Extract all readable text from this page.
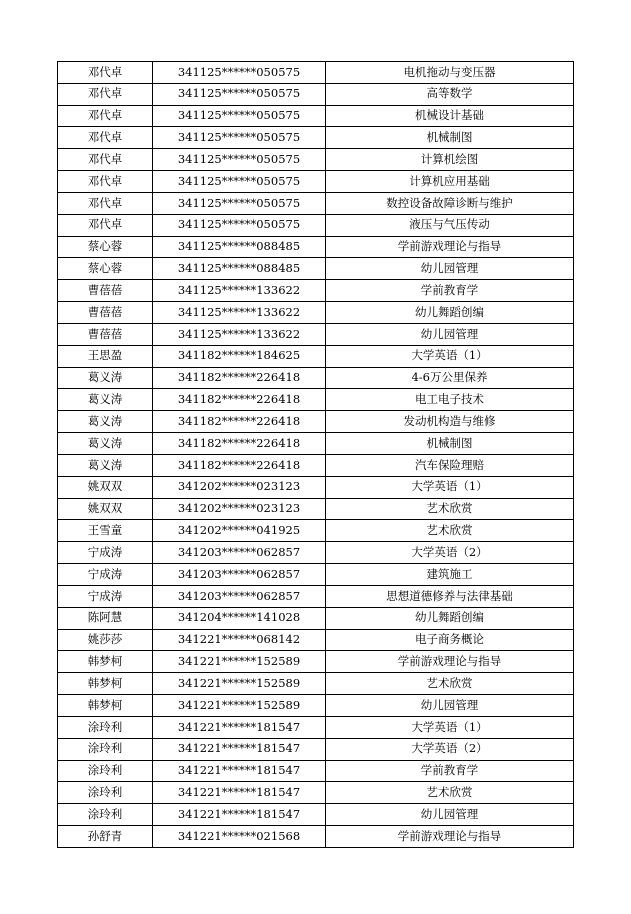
邓代卓	341125******050575	电机拖动与变压器
邓代卓	341125******050575	高等数学
邓代卓	341125******050575	机械设计基础
邓代卓	341125******050575	机械制图
邓代卓	341125******050575	计算机绘图
邓代卓	341125******050575	计算机应用基础
邓代卓	341125******050575	数控设备故障诊断与维护
邓代卓	341125******050575	液压与气压传动
蔡心蓉	341125******088485	学前游戏理论与指导
蔡心蓉	341125******088485	幼儿园管理
曹蓓蓓	341125******133622	学前教育学
曹蓓蓓	341125******133622	幼儿舞蹈创编
曹蓓蓓	341125******133622	幼儿园管理
王思盈	341182******184625	大学英语（1）
葛义涛	341182******226418	4-6万公里保养
葛义涛	341182******226418	电工电子技术
葛义涛	341182******226418	发动机构造与维修
葛义涛	341182******226418	机械制图
葛义涛	341182******226418	汽车保险理赔
姚双双	341202******023123	大学英语（1）
姚双双	341202******023123	艺术欣赏
王雪童	341202******041925	艺术欣赏
宁成涛	341203******062857	大学英语（2）
宁成涛	341203******062857	建筑施工
宁成涛	341203******062857	思想道德修养与法律基础
陈阿慧	341204******141028	幼儿舞蹈创编
姚莎莎	341221******068142	电子商务概论
韩梦柯	341221******152589	学前游戏理论与指导
韩梦柯	341221******152589	艺术欣赏
韩梦柯	341221******152589	幼儿园管理
涂玲利	341221******181547	大学英语（1）
涂玲利	341221******181547	大学英语（2）
涂玲利	341221******181547	学前教育学
涂玲利	341221******181547	艺术欣赏
涂玲利	341221******181547	幼儿园管理
孙舒青	341221******021568	学前游戏理论与指导
